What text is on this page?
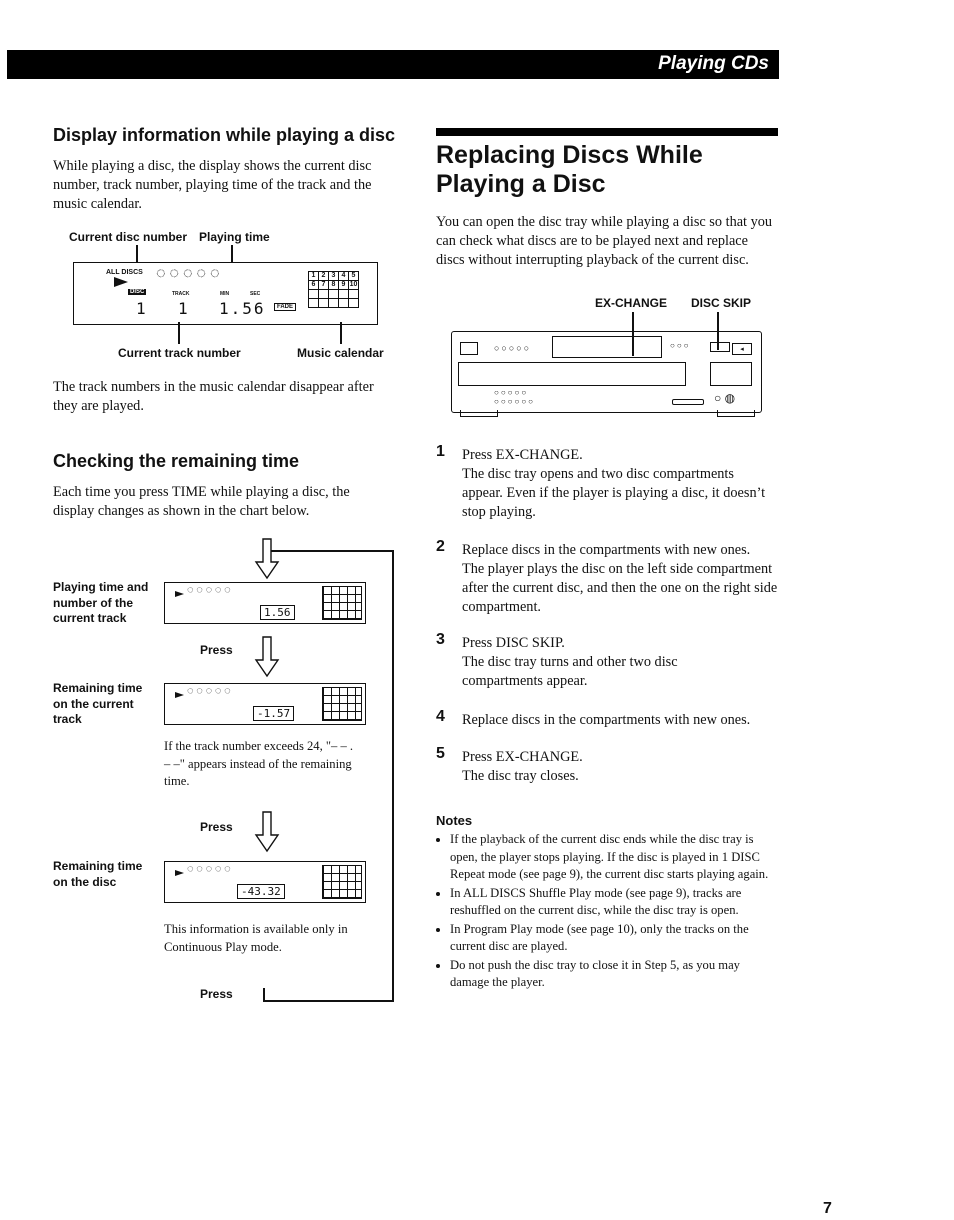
Playing CDs
Display information while playing a disc
While playing a disc, the display shows the current disc number, track number, playing time of the track and the music calendar.
Current disc number Playing time
ALL DISCS ◌ ◌ ◌ ◌ ◌
DISC	TRACK	MIN	SEC
1 1 1.56	FADE
1	2	3	4	5
6	7	8	9	10

Current track number	Music calendar
The track numbers in the music calendar disappear after they are played.
Checking the remaining time
Each time you press TIME while playing a disc, the display changes as shown in the chart below.
Playing time and number of the current track
◌ ◌ ◌ ◌ ◌
1.56
Press
Remaining time on the current track
◌ ◌ ◌ ◌ ◌
-1.57
If the track number exceeds 24, "– – . – –" appears instead of the remaining time.
Press
Remaining time on the disc
◌ ◌ ◌ ◌ ◌
-43.32
This information is available only in Continuous Play mode.
Press
Replacing Discs While Playing a Disc
You can open the disc tray while playing a disc so that you can check what discs are to be played next and replace discs without interrupting playback of the current disc.
EX-CHANGE DISC SKIP
○○○○○	○○○	◂
○○○○○
○○○○○○	○ ◍
1 Press EX-CHANGE.
The disc tray opens and two disc compartments appear. Even if the player is playing a disc, it doesn’t stop playing.
2 Replace discs in the compartments with new ones.
The player plays the disc on the left side compartment after the current disc, and then the one on the right side compartment.
3 Press DISC SKIP.
The disc tray turns and other two disc compartments appear.
4 Replace discs in the compartments with new ones.
5 Press EX-CHANGE.
The disc tray closes.
Notes
• If the playback of the current disc ends while the disc tray is open, the player stops playing. If the disc is played in 1 DISC Repeat mode (see page 9), the current disc starts playing again.
• In ALL DISCS Shuffle Play mode (see page 9), tracks are reshuffled on the current disc, while the disc tray is open.
• In Program Play mode (see page 10), only the tracks on the current disc are played.
• Do not push the disc tray to close it in Step 5, as you may damage the player.
7
